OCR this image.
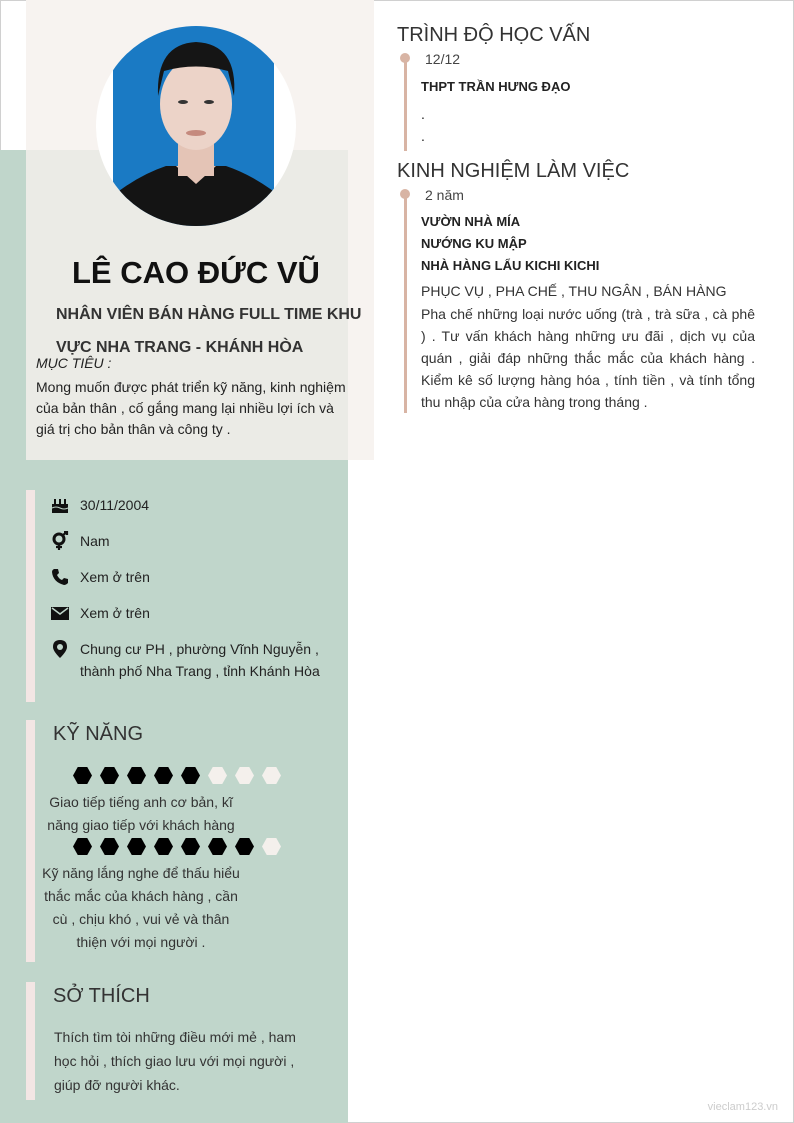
LÊ CAO ĐỨC VŨ
NHÂN VIÊN BÁN HÀNG FULL TIME KHU VỰC NHA TRANG - KHÁNH HÒA
MỤC TIÊU :
Mong muốn được phát triển kỹ năng, kinh nghiệm của bản thân , cố gắng mang lại nhiều lợi ích và giá trị cho bản thân và công ty .
30/11/2004
Nam
Xem ở trên
Xem ở trên
Chung cư PH , phường Vĩnh Nguyễn , thành phố Nha Trang , tỉnh Khánh Hòa
KỸ NĂNG
Giao tiếp tiếng anh cơ bản, kĩ năng giao tiếp với khách hàng
Kỹ năng lắng nghe để thấu hiểu thắc mắc của khách hàng , cần cù , chịu khó , vui vẻ và thân thiện với mọi người .
SỞ THÍCH
Thích tìm tòi những điều mới mẻ , ham học hỏi , thích giao lưu với mọi người , giúp đỡ người khác.
TRÌNH ĐỘ HỌC VẤN
12/12
THPT TRẦN HƯNG ĐẠO
.
.
KINH NGHIỆM LÀM VIỆC
2 năm
VƯỜN NHÀ MÍA
NƯỚNG KU MẬP
NHÀ HÀNG LẨU KICHI KICHI
PHỤC VỤ , PHA CHẾ , THU NGÂN , BÁN HÀNG
Pha chế những loại nước uống (trà , trà sữa , cà phê ) . Tư vấn khách hàng những ưu đãi , dịch vụ của quán , giải đáp những thắc mắc của khách hàng . Kiểm kê số lượng hàng hóa , tính tiền , và tính tổng thu nhập của cửa hàng trong tháng .
vieclam123.vn
